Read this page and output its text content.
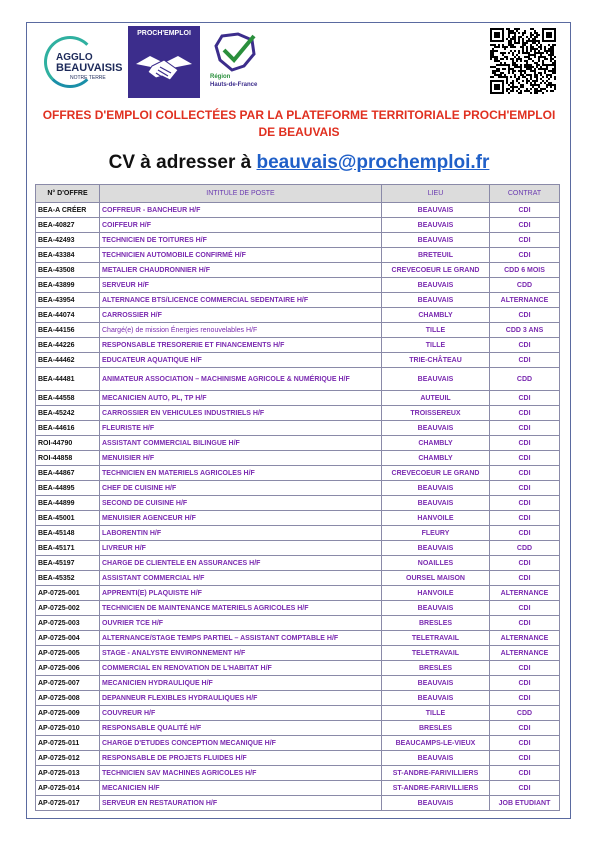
AGGLO
BEAUVAISIS
NOTRE TERRE
PROCH'EMPLOI
Région
Hauts-de-France
OFFRES D'EMPLOI COLLECTÉES PAR LA PLATEFORME TERRITORIALE PROCH'EMPLOI DE BEAUVAIS
CV à adresser à beauvais@prochemploi.fr
N° D'OFFRE	INTITULE DE POSTE	LIEU	CONTRAT
BEA-A CRÉER	COFFREUR - BANCHEUR H/F	BEAUVAIS	CDI
BEA-40827	COIFFEUR H/F	BEAUVAIS	CDI
BEA-42493	TECHNICIEN DE TOITURES H/F	BEAUVAIS	CDI
BEA-43384	TECHNICIEN AUTOMOBILE CONFIRMÉ H/F	BRETEUIL	CDI
BEA-43508	METALIER CHAUDRONNIER H/F	CREVECOEUR LE GRAND	CDD 6 MOIS
BEA-43899	SERVEUR H/F	BEAUVAIS	CDD
BEA-43954	ALTERNANCE BTS/LICENCE COMMERCIAL SEDENTAIRE H/F	BEAUVAIS	ALTERNANCE
BEA-44074	CARROSSIER H/F	CHAMBLY	CDI
BEA-44156	Chargé(e) de mission Énergies renouvelables H/F	TILLE	CDD 3 ANS
BEA-44226	RESPONSABLE TRESORERIE ET FINANCEMENTS H/F	TILLE	CDI
BEA-44462	EDUCATEUR AQUATIQUE H/F	TRIE-CHÂTEAU	CDI
BEA-44481	ANIMATEUR ASSOCIATION – MACHINISME AGRICOLE & NUMÉRIQUE H/F	BEAUVAIS	CDD
BEA-44558	MECANICIEN AUTO, PL, TP H/F	AUTEUIL	CDI
BEA-45242	CARROSSIER EN VEHICULES INDUSTRIELS H/F	TROISSEREUX	CDI
BEA-44616	FLEURISTE H/F	BEAUVAIS	CDI
ROI-44790	ASSISTANT COMMERCIAL BILINGUE H/F	CHAMBLY	CDI
ROI-44858	MENUISIER H/F	CHAMBLY	CDI
BEA-44867	TECHNICIEN EN MATERIELS AGRICOLES H/F	CREVECOEUR LE GRAND	CDI
BEA-44895	CHEF DE CUISINE H/F	BEAUVAIS	CDI
BEA-44899	SECOND DE CUISINE H/F	BEAUVAIS	CDI
BEA-45001	MENUISIER AGENCEUR H/F	HANVOILE	CDI
BEA-45148	LABORENTIN H/F	FLEURY	CDI
BEA-45171	LIVREUR H/F	BEAUVAIS	CDD
BEA-45197	CHARGE DE CLIENTELE EN ASSURANCES H/F	NOAILLES	CDI
BEA-45352	ASSISTANT COMMERCIAL H/F	OURSEL MAISON	CDI
AP-0725-001	APPRENTI(E) PLAQUISTE H/F	HANVOILE	ALTERNANCE
AP-0725-002	TECHNICIEN DE MAINTENANCE MATERIELS AGRICOLES H/F	BEAUVAIS	CDI
AP-0725-003	OUVRIER TCE H/F	BRESLES	CDI
AP-0725-004	ALTERNANCE/STAGE TEMPS PARTIEL – ASSISTANT COMPTABLE H/F	TELETRAVAIL	ALTERNANCE
AP-0725-005	STAGE - ANALYSTE ENVIRONNEMENT H/F	TELETRAVAIL	ALTERNANCE
AP-0725-006	COMMERCIAL EN RENOVATION DE L'HABITAT H/F	BRESLES	CDI
AP-0725-007	MECANICIEN HYDRAULIQUE H/F	BEAUVAIS	CDI
AP-0725-008	DEPANNEUR FLEXIBLES HYDRAULIQUES H/F	BEAUVAIS	CDI
AP-0725-009	COUVREUR H/F	TILLE	CDD
AP-0725-010	RESPONSABLE QUALITÉ H/F	BRESLES	CDI
AP-0725-011	CHARGE D'ETUDES CONCEPTION MECANIQUE H/F	BEAUCAMPS-LE-VIEUX	CDI
AP-0725-012	RESPONSABLE DE PROJETS FLUIDES H/F	BEAUVAIS	CDI
AP-0725-013	TECHNICIEN SAV MACHINES AGRICOLES H/F	ST-ANDRE-FARIVILLIERS	CDI
AP-0725-014	MECANICIEN H/F	ST-ANDRE-FARIVILLIERS	CDI
AP-0725-017	SERVEUR EN RESTAURATION H/F	BEAUVAIS	JOB ETUDIANT
